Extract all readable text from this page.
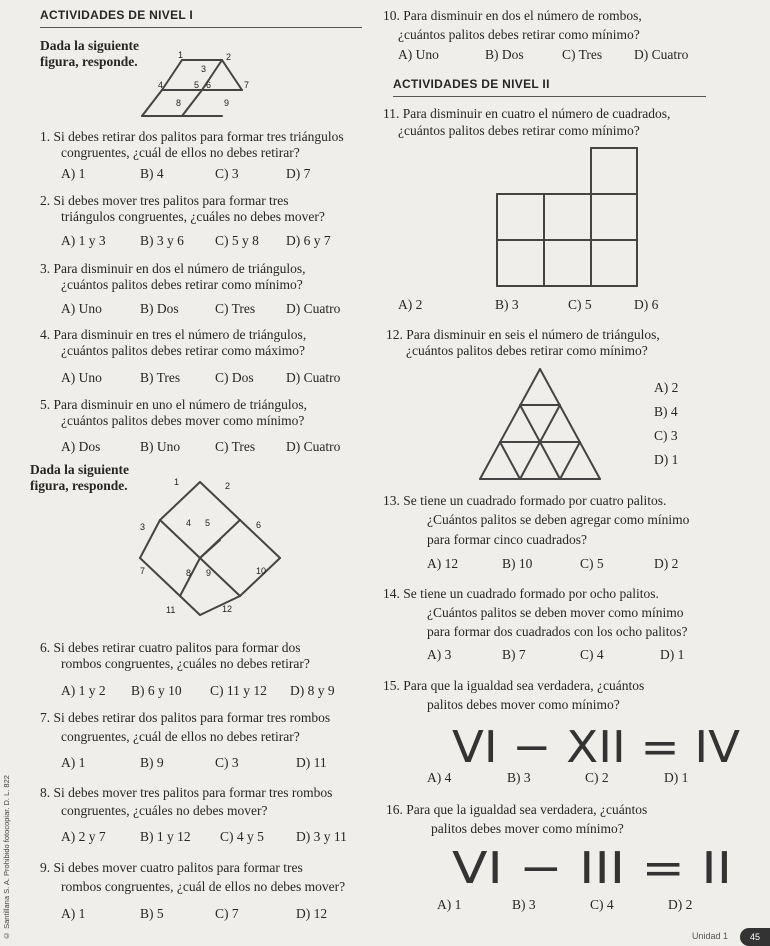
ACTIVIDADES DE NIVEL I
Dada la siguiente
figura, responde.	1	2
3
4	5 6	7
8	9
1. Si debes retirar dos palitos para formar tres triángulos
congruentes, ¿cuál de ellos no debes retirar?
A) 1	B) 4	C) 3	D) 7
2. Si debes mover tres palitos para formar tres
triángulos congruentes, ¿cuáles no debes mover?
A) 1 y 3	B) 3 y 6 C) 5 y 8 D) 6 y 7
3. Para disminuir en dos el número de triángulos,
¿cuántos palitos debes retirar como mínimo?
A) Uno	B) Dos	C) Tres D) Cuatro
4. Para disminuir en tres el número de triángulos,
¿cuántos palitos debes retirar como máximo?
A) Uno	B) Tres	C) Dos D) Cuatro
5. Para disminuir en uno el número de triángulos,
¿cuántos palitos debes mover como mínimo?
A) Dos	B) Uno	C) Tres D) Cuatro
Dada la siguiente
figura, responde.	1	2
3	4 5	6
7	8 9	10
11	12
6. Si debes retirar cuatro palitos para formar dos
rombos congruentes, ¿cuáles no debes retirar?
A) 1 y 2 B) 6 y 10 C) 11 y 12 D) 8 y 9
7. Si debes retirar dos palitos para formar tres rombos
congruentes, ¿cuál de ellos no debes retirar?
A) 1	B) 9	C) 3	D) 11
8. Si debes mover tres palitos para formar tres rombos
congruentes, ¿cuáles no debes mover?
A) 2 y 7	B) 1 y 12 C) 4 y 5 D) 3 y 11
9. Si debes mover cuatro palitos para formar tres
rombos congruentes, ¿cuál de ellos no debes mover?
A) 1	B) 5	C) 7	D) 12
10. Para disminuir en dos el número de rombos,
¿cuántos palitos debes retirar como mínimo?
A) Uno	B) Dos	C) Tres D) Cuatro
ACTIVIDADES DE NIVEL II
11. Para disminuir en cuatro el número de cuadrados,
¿cuántos palitos debes retirar como mínimo?
A) 2	B) 3	C) 5	D) 6
12. Para disminuir en seis el número de triángulos,
¿cuántos palitos debes retirar como mínimo?
A) 2
B) 4
C) 3
D) 1
13. Se tiene un cuadrado formado por cuatro palitos.
¿Cuántos palitos se deben agregar como mínimo
para formar cinco cuadrados?
A) 12	B) 10	C) 5	D) 2
14. Se tiene un cuadrado formado por ocho palitos.
¿Cuántos palitos se deben mover como mínimo
para formar dos cuadrados con los ocho palitos?
A) 3	B) 7	C) 4	D) 1
15. Para que la igualdad sea verdadera, ¿cuántos
palitos debes mover como mínimo?
VI − XII = IV
A) 4	B) 3	C) 2	D) 1
16. Para que la igualdad sea verdadera, ¿cuántos
palitos debes mover como mínimo?
VI − III = II
A) 1	B) 3	C) 4	D) 2
© Santillana S. A. Prohibido fotocopiar. D. L. 822	Unidad 1	45
